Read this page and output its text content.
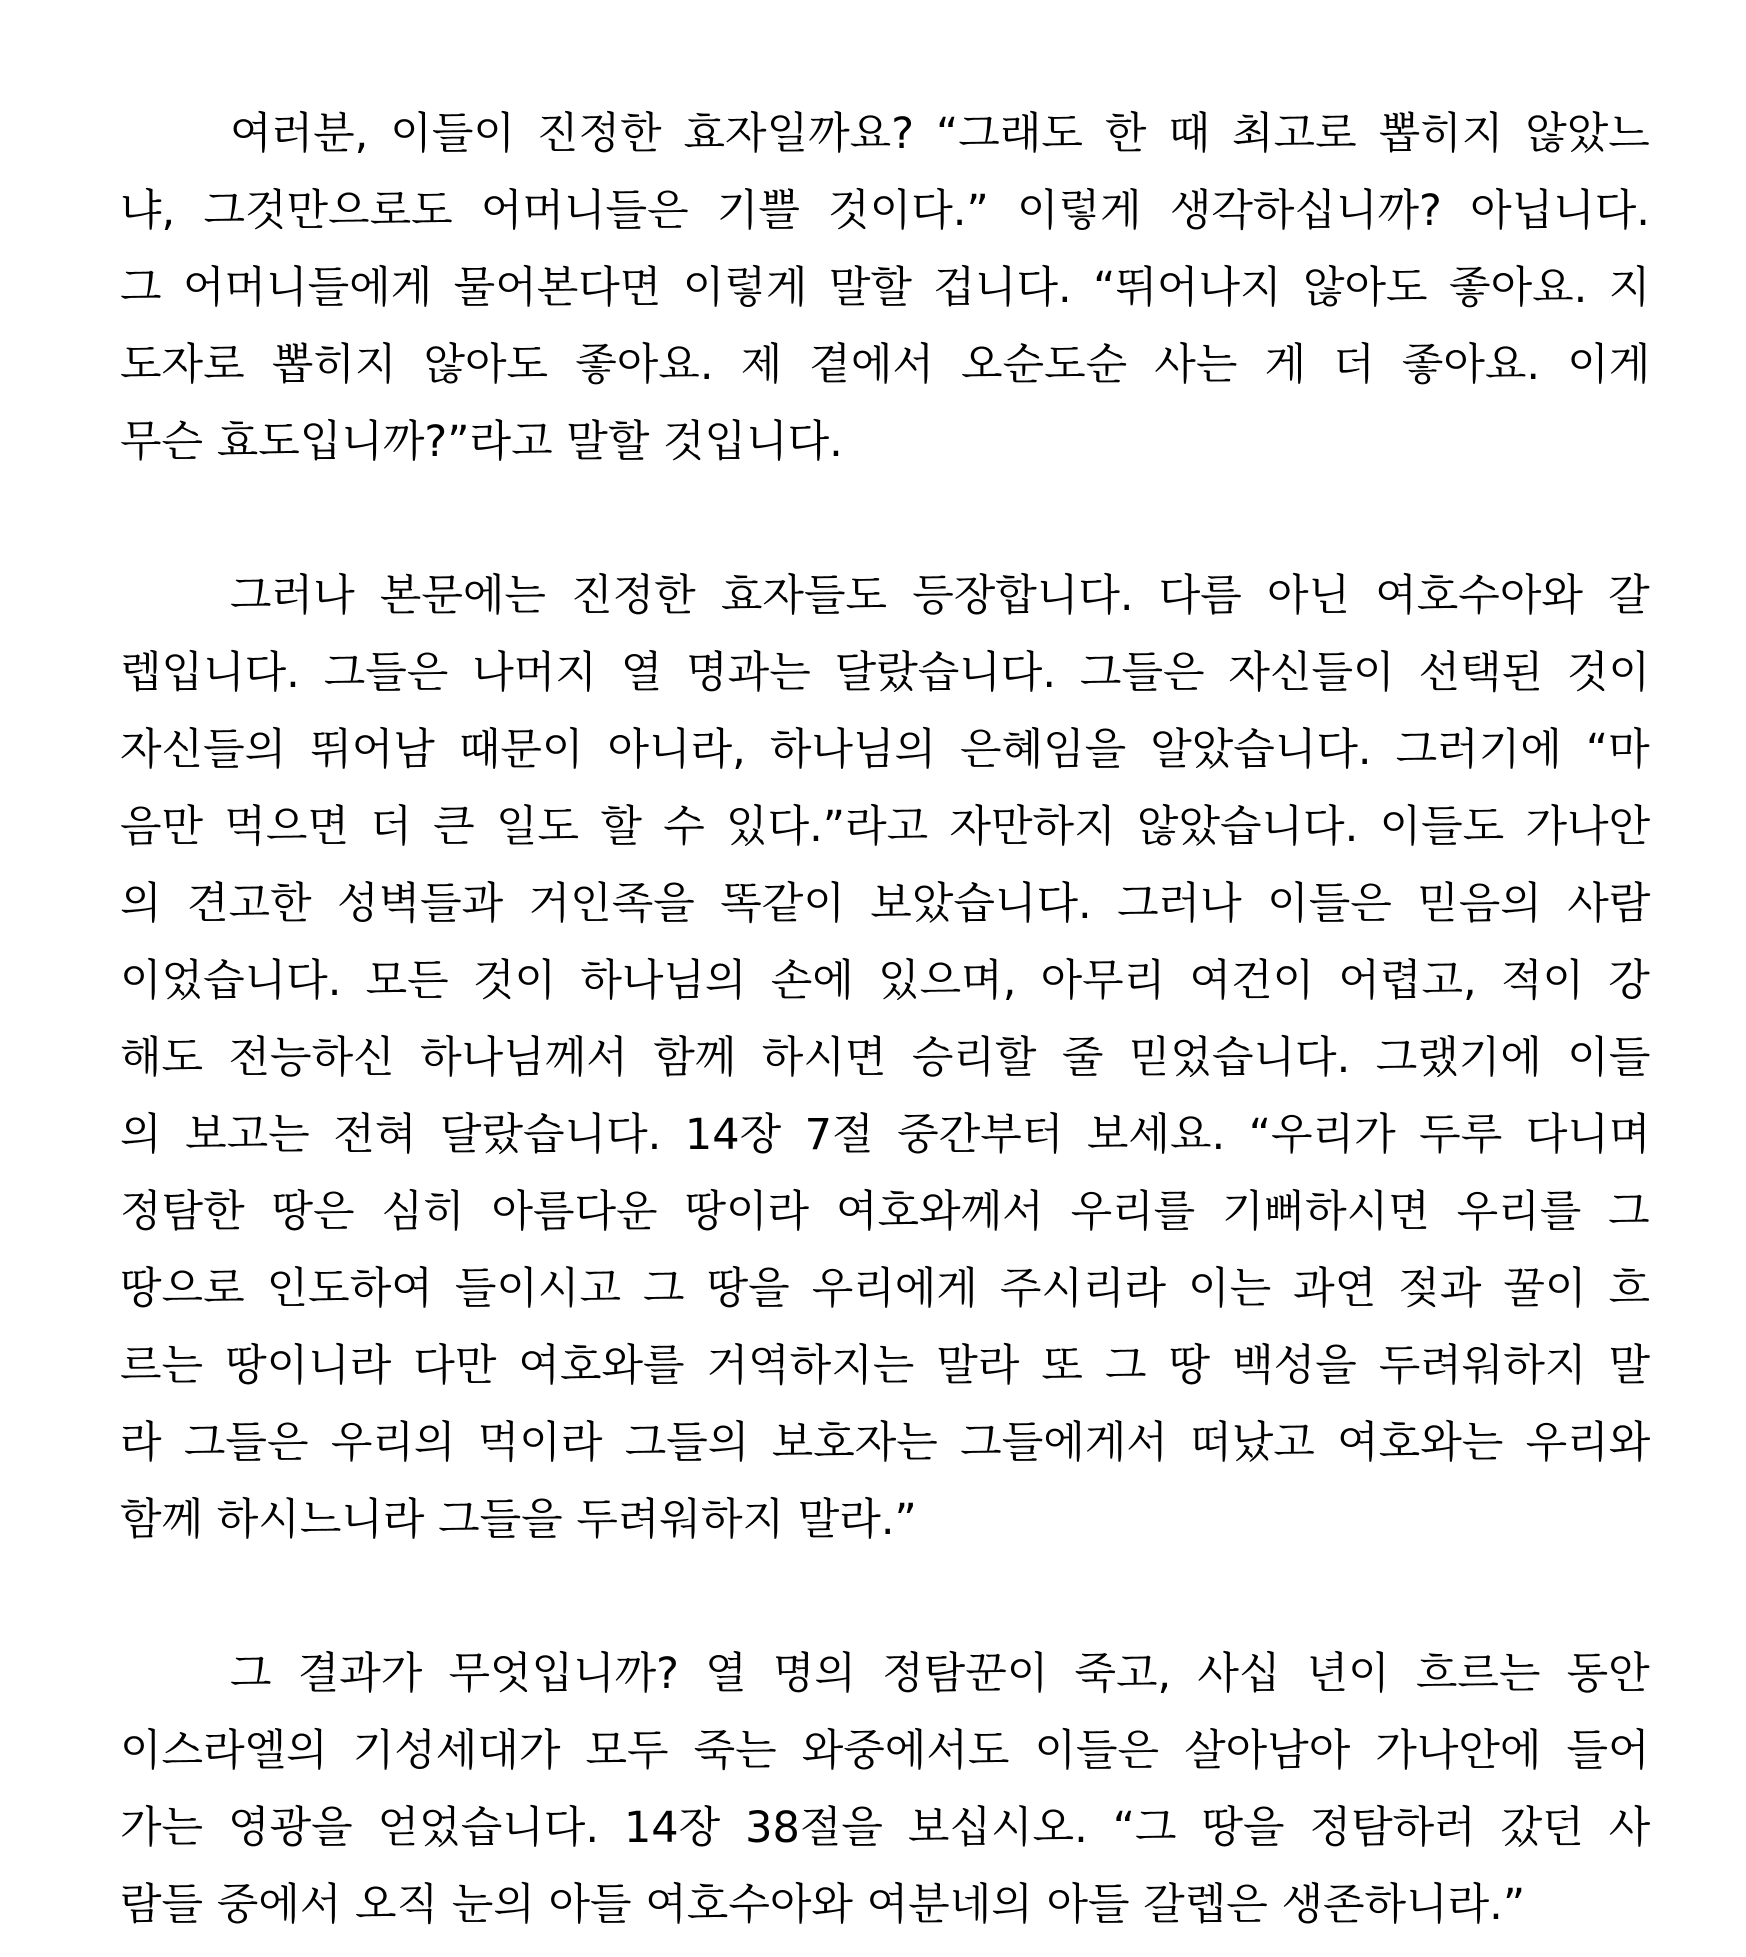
여러분, 이들이 진정한 효자일까요? “그래도 한 때 최고로 뽑히지 않았느
냐, 그것만으로도 어머니들은 기쁠 것이다.” 이렇게 생각하십니까? 아닙니다.
그 어머니들에게 물어본다면 이렇게 말할 겁니다. “뛰어나지 않아도 좋아요. 지
도자로 뽑히지 않아도 좋아요. 제 곁에서 오순도순 사는 게 더 좋아요. 이게
무슨 효도입니까?”라고 말할 것입니다.
그러나 본문에는 진정한 효자들도 등장합니다. 다름 아닌 여호수아와 갈
렙입니다. 그들은 나머지 열 명과는 달랐습니다. 그들은 자신들이 선택된 것이
자신들의 뛰어남 때문이 아니라, 하나님의 은혜임을 알았습니다. 그러기에 “마
음만 먹으면 더 큰 일도 할 수 있다.”라고 자만하지 않았습니다. 이들도 가나안
의 견고한 성벽들과 거인족을 똑같이 보았습니다. 그러나 이들은 믿음의 사람
이었습니다. 모든 것이 하나님의 손에 있으며, 아무리 여건이 어렵고, 적이 강
해도 전능하신 하나님께서 함께 하시면 승리할 줄 믿었습니다. 그랬기에 이들
의 보고는 전혀 달랐습니다. 14장 7절 중간부터 보세요. “우리가 두루 다니며
정탐한 땅은 심히 아름다운 땅이라 여호와께서 우리를 기뻐하시면 우리를 그
땅으로 인도하여 들이시고 그 땅을 우리에게 주시리라 이는 과연 젖과 꿀이 흐
르는 땅이니라 다만 여호와를 거역하지는 말라 또 그 땅 백성을 두려워하지 말
라 그들은 우리의 먹이라 그들의 보호자는 그들에게서 떠났고 여호와는 우리와
함께 하시느니라 그들을 두려워하지 말라.”
그 결과가 무엇입니까? 열 명의 정탐꾼이 죽고, 사십 년이 흐르는 동안
이스라엘의 기성세대가 모두 죽는 와중에서도 이들은 살아남아 가나안에 들어
가는 영광을 얻었습니다. 14장 38절을 보십시오. “그 땅을 정탐하러 갔던 사
람들 중에서 오직 눈의 아들 여호수아와 여분네의 아들 갈렙은 생존하니라.”
